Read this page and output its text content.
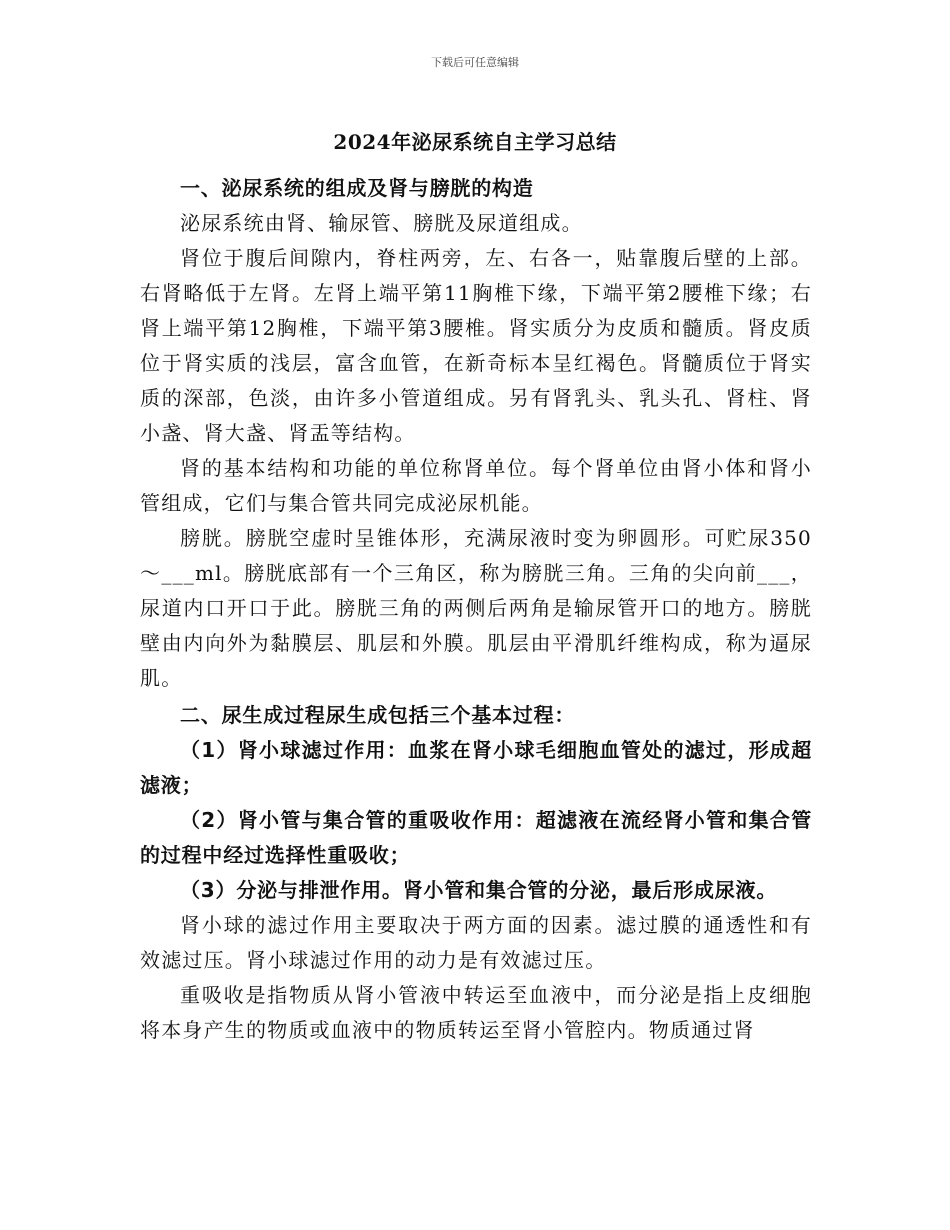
下载后可任意编辑
2024年泌尿系统自主学习总结

一、泌尿系统的组成及肾与膀胱的构造

泌尿系统由肾、输尿管、膀胱及尿道组成。

肾位于腹后间隙内，脊柱两旁，左、右各一，贴靠腹后壁的上部。右肾略低于左肾。左肾上端平第11胸椎下缘，下端平第2腰椎下缘；右肾上端平第12胸椎，下端平第3腰椎。肾实质分为皮质和髓质。肾皮质位于肾实质的浅层，富含血管，在新奇标本呈红褐色。肾髓质位于肾实质的深部，色淡，由许多小管道组成。另有肾乳头、乳头孔、肾柱、肾小盏、肾大盏、肾盂等结构。

肾的基本结构和功能的单位称肾单位。每个肾单位由肾小体和肾小管组成，它们与集合管共同完成泌尿机能。

膀胱。膀胱空虚时呈锥体形，充满尿液时变为卵圆形。可贮尿350～___ml。膀胱底部有一个三角区，称为膀胱三角。三角的尖向前___，尿道内口开口于此。膀胱三角的两侧后两角是输尿管开口的地方。膀胱壁由内向外为黏膜层、肌层和外膜。肌层由平滑肌纤维构成，称为逼尿肌。

二、尿生成过程尿生成包括三个基本过程：

（1）肾小球滤过作用：血浆在肾小球毛细胞血管处的滤过，形成超滤液；

（2）肾小管与集合管的重吸收作用：超滤液在流经肾小管和集合管的过程中经过选择性重吸收；

（3）分泌与排泄作用。肾小管和集合管的分泌，最后形成尿液。

肾小球的滤过作用主要取决于两方面的因素。滤过膜的通透性和有效滤过压。肾小球滤过作用的动力是有效滤过压。

重吸收是指物质从肾小管液中转运至血液中，而分泌是指上皮细胞将本身产生的物质或血液中的物质转运至肾小管腔内。物质通过肾
